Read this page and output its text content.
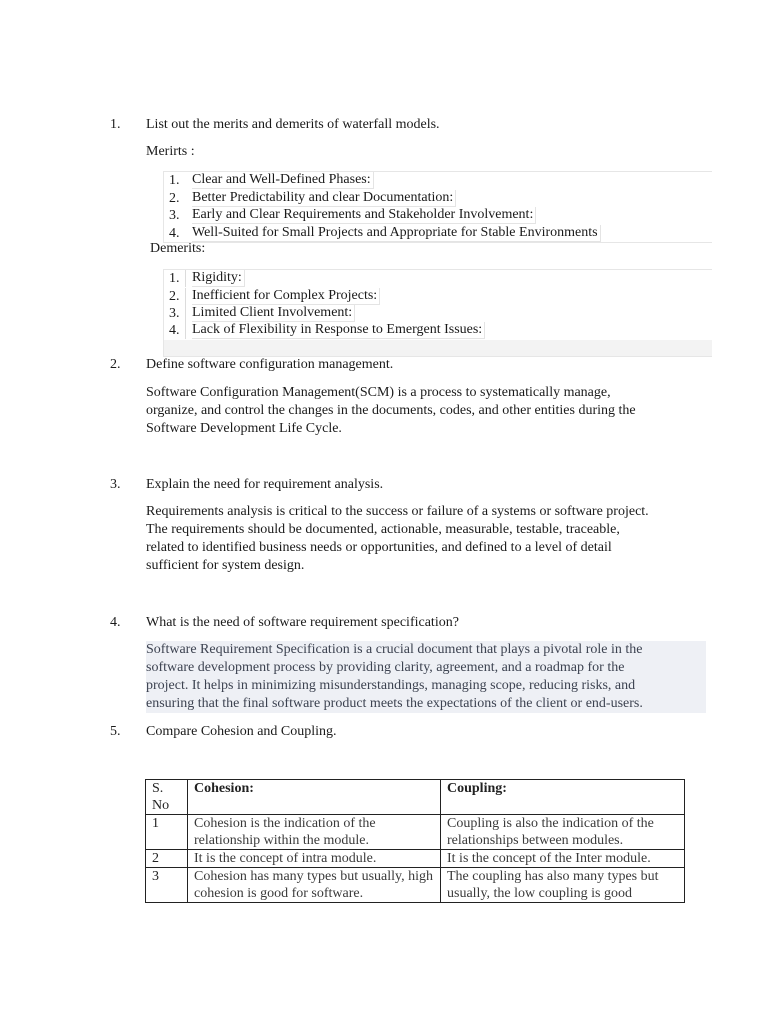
1. List out the merits and demerits of waterfall models.

Merirts :

1. Clear and Well-Defined Phases:
2. Better Predictability and clear Documentation:
3. Early and Clear Requirements and Stakeholder Involvement:
4. Well-Suited for Small Projects and Appropriate for Stable Environments

Demerits:

1. Rigidity:
2. Inefficient for Complex Projects:
3. Limited Client Involvement:
4. Lack of Flexibility in Response to Emergent Issues:

2. Define software configuration management.

Software Configuration Management(SCM) is a process to systematically manage,
organize, and control the changes in the documents, codes, and other entities during the
Software Development Life Cycle.

3. Explain the need for requirement analysis.

Requirements analysis is critical to the success or failure of a systems or software project.
The requirements should be documented, actionable, measurable, testable, traceable,
related to identified business needs or opportunities, and defined to a level of detail
sufficient for system design.

4. What is the need of software requirement specification?

Software Requirement Specification is a crucial document that plays a pivotal role in the
software development process by providing clarity, agreement, and a roadmap for the
project. It helps in minimizing misunderstandings, managing scope, reducing risks, and
ensuring that the final software product meets the expectations of the client or end-users.

5. Compare Cohesion and Coupling.

S.
No	Cohesion:	Coupling:
1	Cohesion is the indication of the relationship within the module.	Coupling is also the indication of the relationships between modules.
2	It is the concept of intra module.	It is the concept of the Inter module.
3	Cohesion has many types but usually, high cohesion is good for software.	The coupling has also many types but usually, the low coupling is good
